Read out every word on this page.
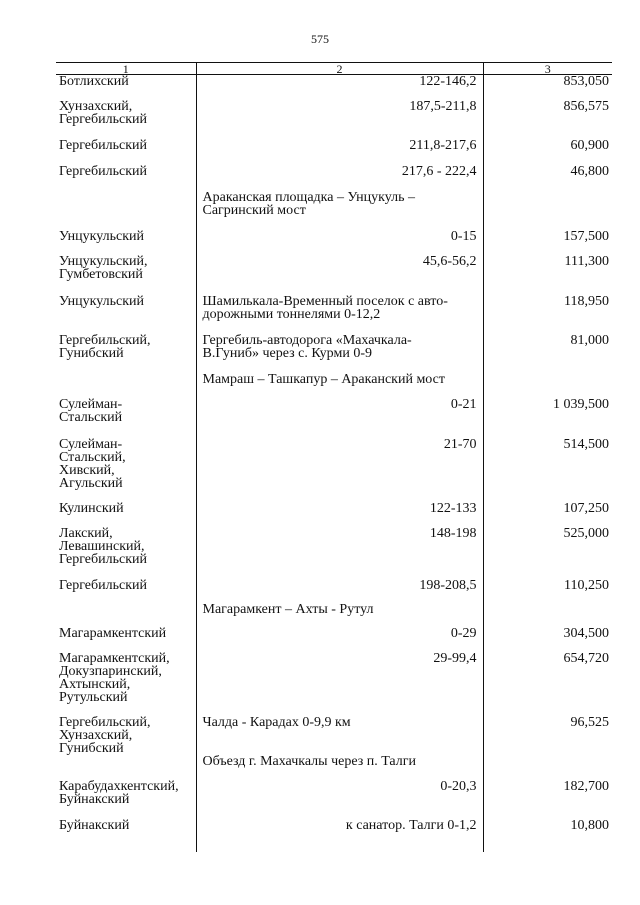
575
1	2	3

Ботлихский	122-146,2	853,050

Хунзахский,
Гергебильский	187,5-211,8	856,575

Гергебильский	211,8-217,6	60,900

Гергебильский	217,6 - 222,4	46,800

	Араканская площадка – Унцукуль –
Сагринский мост	

Унцукульский	0-15	157,500

Унцукульский,
Гумбетовский	45,6-56,2	111,300

Унцукульский	Шамилькала-Временный поселок с авто-
дорожными тоннелями 0-12,2	118,950

Гергебильский,
Гунибский	Гергебиль-автодорога «Махачкала-
В.Гуниб» через с. Курми 0-9	81,000

	Мамраш – Ташкапур – Араканский мост	

Сулейман-
Стальский	0-21	1 039,500

Сулейман-
Стальский,
Хивский,
Агульский	21-70	514,500

Кулинский	122-133	107,250

Лакский,
Левашинский,
Гергебильский	148-198	525,000

Гергебильский	198-208,5	110,250

	Магарамкент – Ахты - Рутул	

Магарамкентский	0-29	304,500

Магарамкентский,
Докузпаринский,
Ахтынский,
Рутульский	29-99,4	654,720

Гергебильский,
Хунзахский,
Гунибский	Чалда - Карадах 0-9,9 км	96,525

	Объезд г. Махачкалы через п. Талги	

Карабудахкентский,
Буйнакский	0-20,3	182,700

Буйнакский	к санатор. Талги 0-1,2	10,800
